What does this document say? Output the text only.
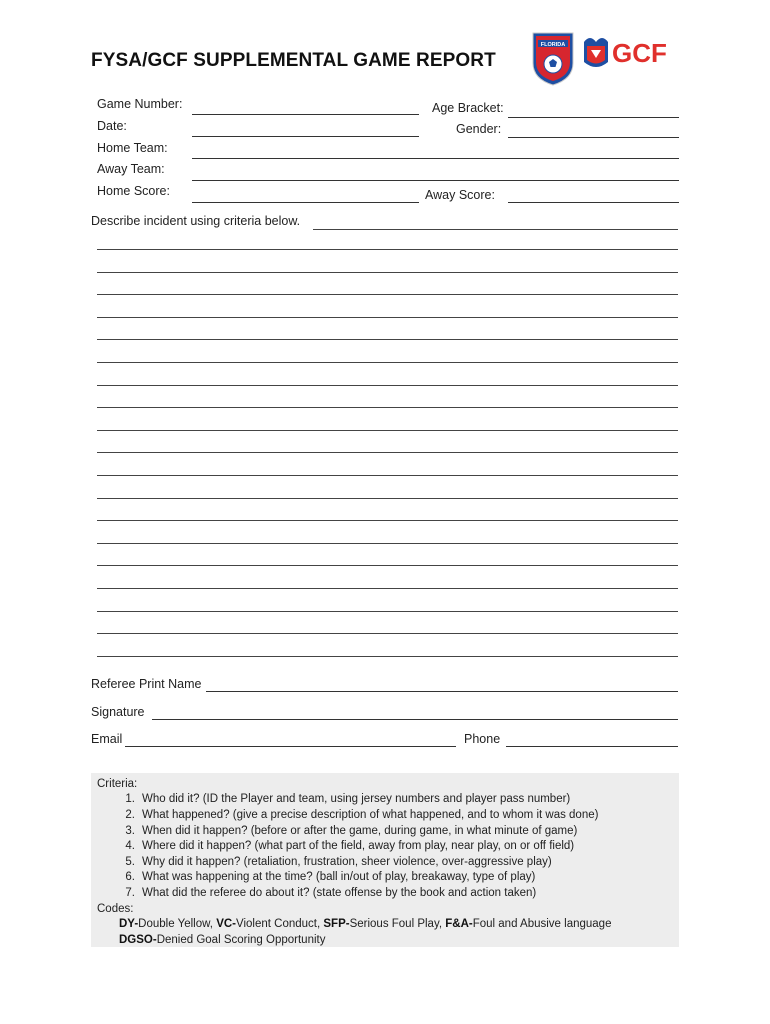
FYSA/GCF SUPPLEMENTAL GAME REPORT
FLORIDA GCF
Game Number:	Age Bracket:
Date:	Gender:
Home Team:
Away Team:
Home Score:	Away Score:
Describe incident using criteria below.
Referee Print Name
Signature
Email	Phone
Criteria:
1. Who did it? (ID the Player and team, using jersey numbers and player pass number)
2. What happened? (give a precise description of what happened, and to whom it was done)
3. When did it happen? (before or after the game, during game, in what minute of game)
4. Where did it happen? (what part of the field, away from play, near play, on or off field)
5. Why did it happen? (retaliation, frustration, sheer violence, over-aggressive play)
6. What was happening at the time? (ball in/out of play, breakaway, type of play)
7. What did the referee do about it? (state offense by the book and action taken)
Codes:
DY-Double Yellow, VC-Violent Conduct, SFP-Serious Foul Play, F&A-Foul and Abusive language
DGSO-Denied Goal Scoring Opportunity
